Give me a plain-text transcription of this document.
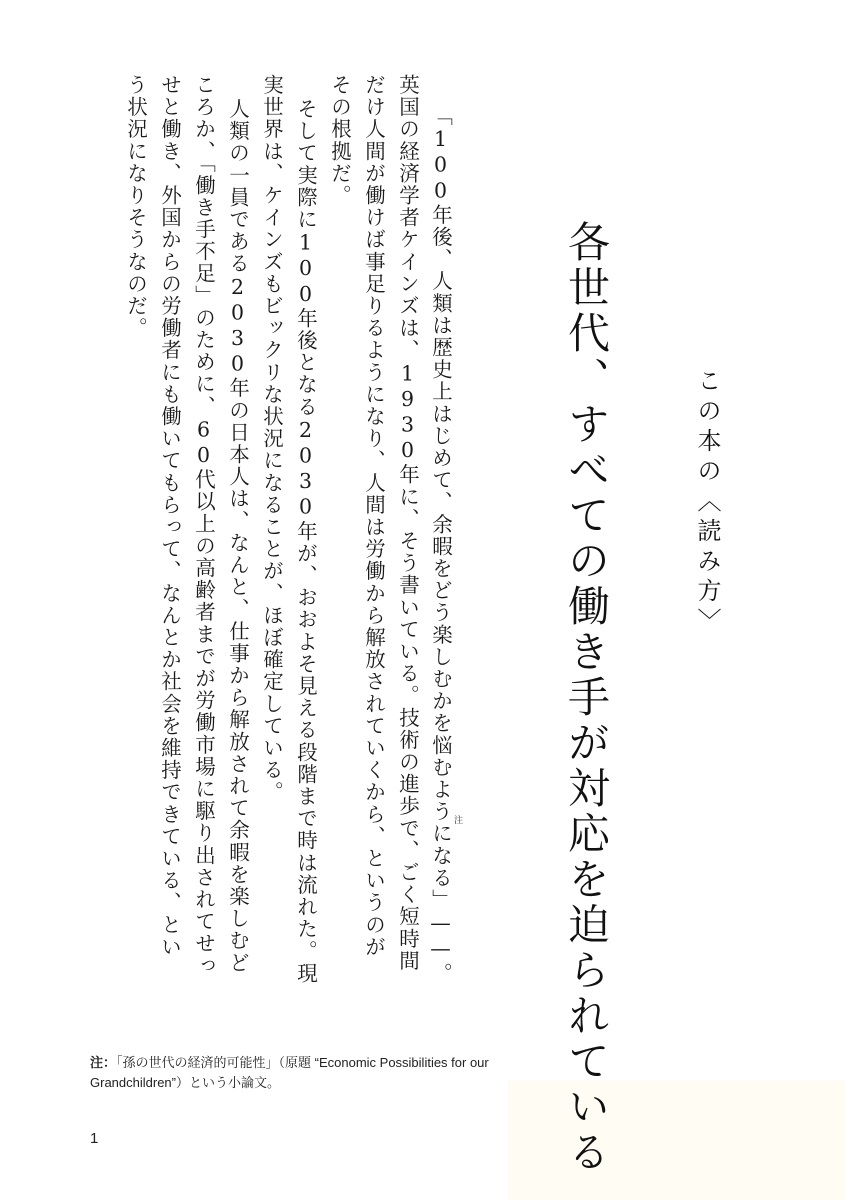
この本の〈読み方〉
各世代、すべての働き手が対応を迫られている
「100年後、人類は歴史上はじめて、余暇をどう楽しむかを悩むようになる」——。
英国の経済学者ケインズは、1930年に、そう書いている。技術の進歩で、ごく短時間
だけ人間が働けば事足りるようになり、人間は労働から解放されていくから、というのが
その根拠だ。
そして実際に100年後となる2030年が、おおよそ見える段階まで時は流れた。現
実世界は、ケインズもビックリな状況になることが、ほぼ確定している。
人類の一員である2030年の日本人は、なんと、仕事から解放されて余暇を楽しむど
ころか、「働き手不足」のために、60代以上の高齢者までが労働市場に駆り出されてせっ
せと働き、外国からの労働者にも働いてもらって、なんとか社会を維持できている、とい
う状況になりそうなのだ。
注
注：「孫の世代の経済的可能性」（原題 “Economic Possibilities for our Grandchildren”）という小論文。
1
